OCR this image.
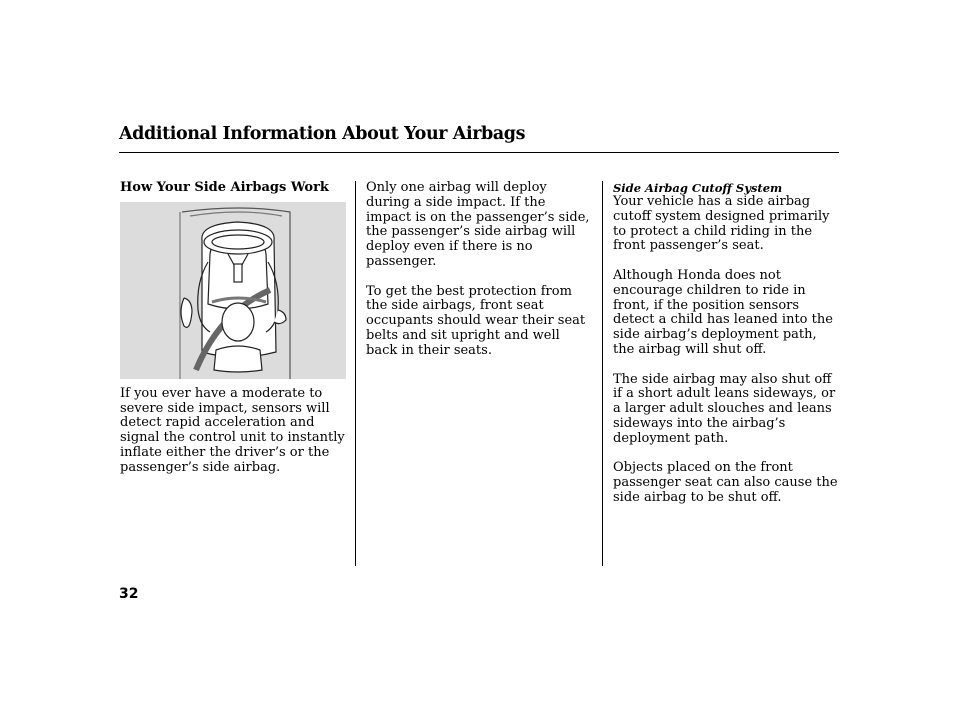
Additional Information About Your Airbags
How Your Side Airbags Work

If you ever have a moderate to severe side impact, sensors will detect rapid acceleration and signal the control unit to instantly inflate either the driver’s or the passenger’s side airbag.

Only one airbag will deploy during a side impact. If the impact is on the passenger’s side, the passenger’s side airbag will deploy even if there is no passenger.

To get the best protection from the side airbags, front seat occupants should wear their seat belts and sit upright and well back in their seats.

Side Airbag Cutoff System

Your vehicle has a side airbag cutoff system designed primarily to protect a child riding in the front passenger’s seat.

Although Honda does not encourage children to ride in front, if the position sensors detect a child has leaned into the side airbag’s deployment path, the airbag will shut off.

The side airbag may also shut off if a short adult leans sideways, or a larger adult slouches and leans sideways into the airbag’s deployment path.

Objects placed on the front passenger seat can also cause the side airbag to be shut off.

32
